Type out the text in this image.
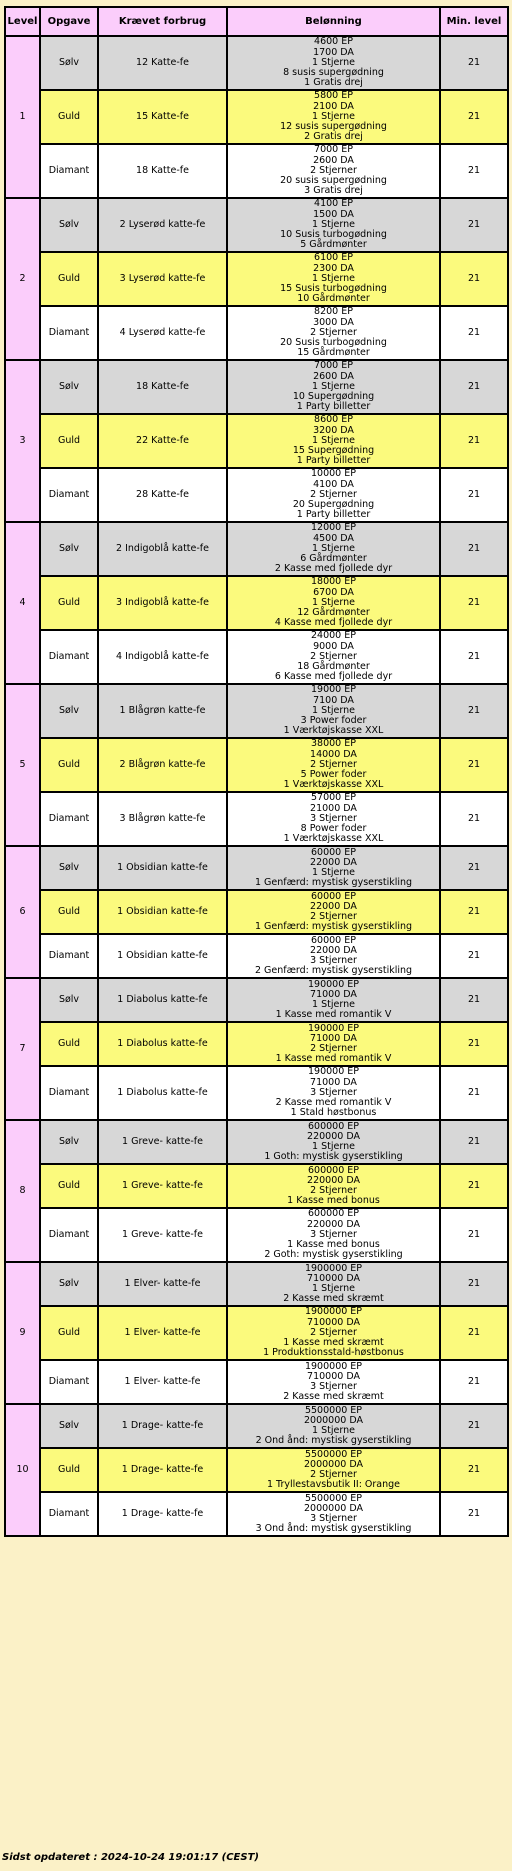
Level	Opgave	Krævet forbrug	Belønning	Min. level
1	Sølv	12 Katte-fe	4600 EP
1700 DA
1 Stjerne
8 susis supergødning
1 Gratis drej	21
	Guld	15 Katte-fe	5800 EP
2100 DA
1 Stjerne
12 susis supergødning
2 Gratis drej	21
	Diamant	18 Katte-fe	7000 EP
2600 DA
2 Stjerner
20 susis supergødning
3 Gratis drej	21
2	Sølv	2 Lyserød katte-fe	4100 EP
1500 DA
1 Stjerne
10 Susis turbogødning
5 Gårdmønter	21
	Guld	3 Lyserød katte-fe	6100 EP
2300 DA
1 Stjerne
15 Susis turbogødning
10 Gårdmønter	21
	Diamant	4 Lyserød katte-fe	8200 EP
3000 DA
2 Stjerner
20 Susis turbogødning
15 Gårdmønter	21
3	Sølv	18 Katte-fe	7000 EP
2600 DA
1 Stjerne
10 Supergødning
1 Party billetter	21
	Guld	22 Katte-fe	8600 EP
3200 DA
1 Stjerne
15 Supergødning
1 Party billetter	21
	Diamant	28 Katte-fe	10000 EP
4100 DA
2 Stjerner
20 Supergødning
1 Party billetter	21
4	Sølv	2 Indigoblå katte-fe	12000 EP
4500 DA
1 Stjerne
6 Gårdmønter
2 Kasse med fjollede dyr	21
	Guld	3 Indigoblå katte-fe	18000 EP
6700 DA
1 Stjerne
12 Gårdmønter
4 Kasse med fjollede dyr	21
	Diamant	4 Indigoblå katte-fe	24000 EP
9000 DA
2 Stjerner
18 Gårdmønter
6 Kasse med fjollede dyr	21
5	Sølv	1 Blågrøn katte-fe	19000 EP
7100 DA
1 Stjerne
3 Power foder
1 Værktøjskasse XXL	21
	Guld	2 Blågrøn katte-fe	38000 EP
14000 DA
2 Stjerner
5 Power foder
1 Værktøjskasse XXL	21
	Diamant	3 Blågrøn katte-fe	57000 EP
21000 DA
3 Stjerner
8 Power foder
1 Værktøjskasse XXL	21
6	Sølv	1 Obsidian katte-fe	60000 EP
22000 DA
1 Stjerne
1 Genfærd: mystisk gyserstikling	21
	Guld	1 Obsidian katte-fe	60000 EP
22000 DA
2 Stjerner
1 Genfærd: mystisk gyserstikling	21
	Diamant	1 Obsidian katte-fe	60000 EP
22000 DA
3 Stjerner
2 Genfærd: mystisk gyserstikling	21
7	Sølv	1 Diabolus katte-fe	190000 EP
71000 DA
1 Stjerne
1 Kasse med romantik V	21
	Guld	1 Diabolus katte-fe	190000 EP
71000 DA
2 Stjerner
1 Kasse med romantik V	21
	Diamant	1 Diabolus katte-fe	190000 EP
71000 DA
3 Stjerner
2 Kasse med romantik V
1 Stald høstbonus	21
8	Sølv	1 Greve- katte-fe	600000 EP
220000 DA
1 Stjerne
1 Goth: mystisk gyserstikling	21
	Guld	1 Greve- katte-fe	600000 EP
220000 DA
2 Stjerner
1 Kasse med bonus	21
	Diamant	1 Greve- katte-fe	600000 EP
220000 DA
3 Stjerner
1 Kasse med bonus
2 Goth: mystisk gyserstikling	21
9	Sølv	1 Elver- katte-fe	1900000 EP
710000 DA
1 Stjerne
2 Kasse med skræmt	21
	Guld	1 Elver- katte-fe	1900000 EP
710000 DA
2 Stjerner
1 Kasse med skræmt
1 Produktionsstald-høstbonus	21
	Diamant	1 Elver- katte-fe	1900000 EP
710000 DA
3 Stjerner
2 Kasse med skræmt	21
10	Sølv	1 Drage- katte-fe	5500000 EP
2000000 DA
1 Stjerne
2 Ond ånd: mystisk gyserstikling	21
	Guld	1 Drage- katte-fe	5500000 EP
2000000 DA
2 Stjerner
1 Tryllestavsbutik II: Orange	21
	Diamant	1 Drage- katte-fe	5500000 EP
2000000 DA
3 Stjerner
3 Ond ånd: mystisk gyserstikling	21
Sidst opdateret : 2024-10-24 19:01:17 (CEST)
